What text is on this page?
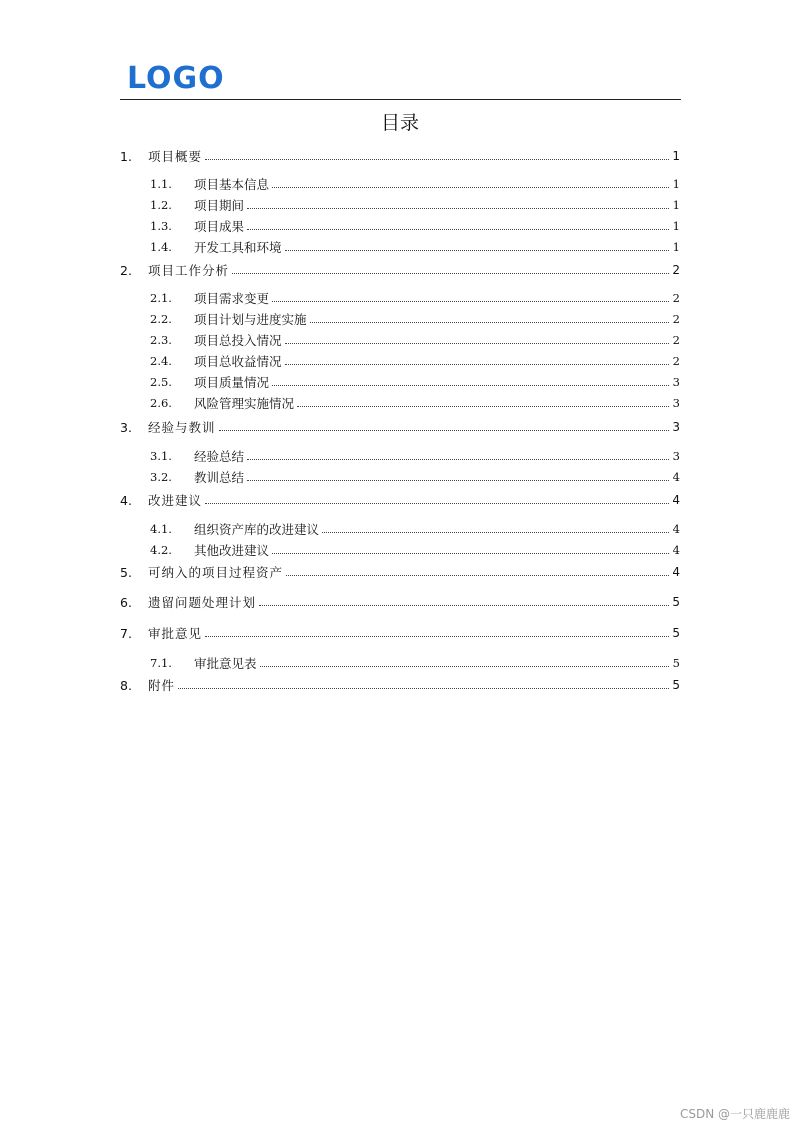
LOGO
目录
1.	项目概要	1
1.1.	项目基本信息	1
1.2.	项目期间	1
1.3.	项目成果	1
1.4.	开发工具和环境	1
2.	项目工作分析	2
2.1.	项目需求变更	2
2.2.	项目计划与进度实施	2
2.3.	项目总投入情况	2
2.4.	项目总收益情况	2
2.5.	项目质量情况	3
2.6.	风险管理实施情况	3
3.	经验与教训	3
3.1.	经验总结	3
3.2.	教训总结	4
4.	改进建议	4
4.1.	组织资产库的改进建议	4
4.2.	其他改进建议	4
5.	可纳入的项目过程资产	4
6.	遗留问题处理计划	5
7.	审批意见	5
7.1.	审批意见表	5
8.	附件	5
CSDN @一只鹿鹿鹿
